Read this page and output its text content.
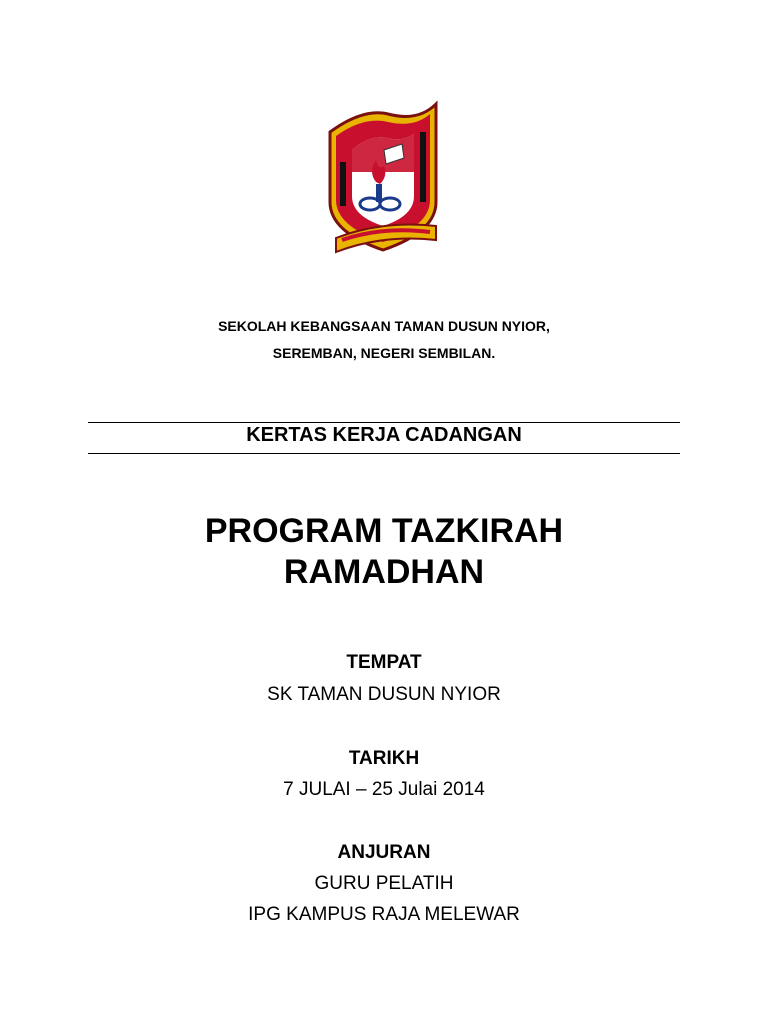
SEKOLAH KEBANGSAAN TAMAN DUSUN NYIOR,
SEREMBAN, NEGERI SEMBILAN.
KERTAS KERJA CADANGAN
PROGRAM TAZKIRAH
RAMADHAN
TEMPAT
SK TAMAN DUSUN NYIOR
TARIKH
7 JULAI – 25 Julai 2014
ANJURAN
GURU PELATIH
IPG KAMPUS RAJA MELEWAR
